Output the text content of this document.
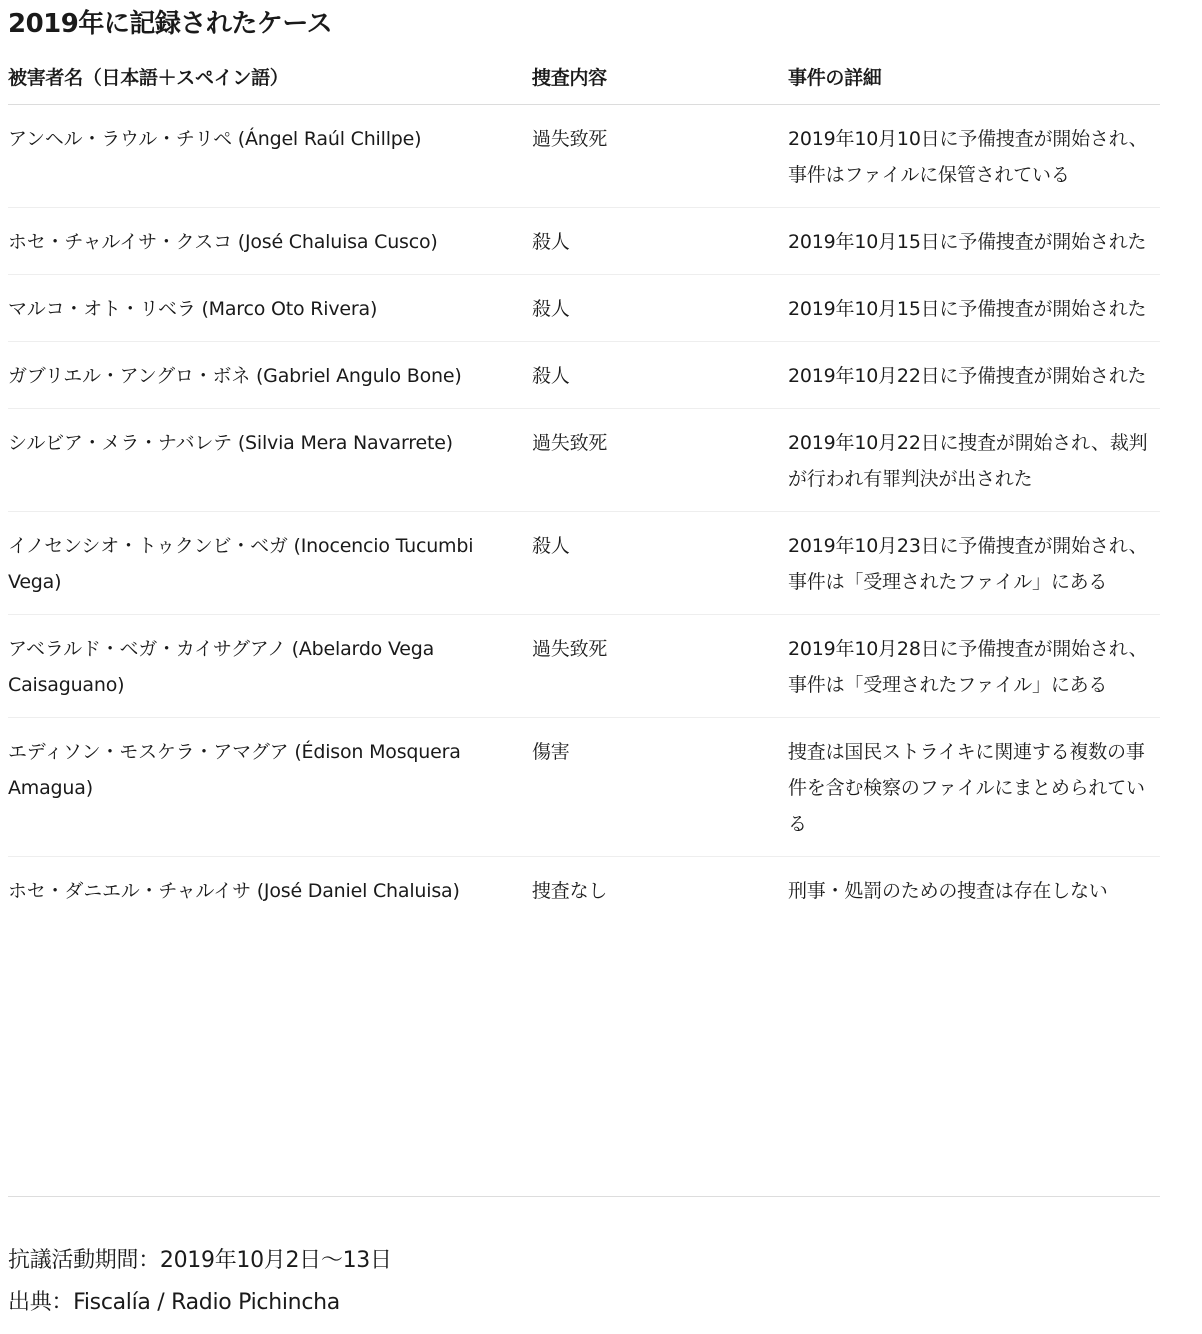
2019年に記録されたケース
被害者名（日本語＋スペイン語）	捜査内容	事件の詳細
アンヘル・ラウル・チリペ (Ángel Raúl Chillpe)	過失致死	2019年10月10日に予備捜査が開始され、事件はファイルに保管されている
ホセ・チャルイサ・クスコ (José Chaluisa Cusco)	殺人	2019年10月15日に予備捜査が開始された
マルコ・オト・リベラ (Marco Oto Rivera)	殺人	2019年10月15日に予備捜査が開始された
ガブリエル・アングロ・ボネ (Gabriel Angulo Bone)	殺人	2019年10月22日に予備捜査が開始された
シルビア・メラ・ナバレテ (Silvia Mera Navarrete)	過失致死	2019年10月22日に捜査が開始され、裁判が行われ有罪判決が出された
イノセンシオ・トゥクンビ・ベガ (Inocencio Tucumbi Vega)	殺人	2019年10月23日に予備捜査が開始され、事件は「受理されたファイル」にある
アベラルド・ベガ・カイサグアノ (Abelardo Vega Caisaguano)	過失致死	2019年10月28日に予備捜査が開始され、事件は「受理されたファイル」にある
エディソン・モスケラ・アマグア (Édison Mosquera Amagua)	傷害	捜査は国民ストライキに関連する複数の事件を含む検察のファイルにまとめられている
ホセ・ダニエル・チャルイサ (José Daniel Chaluisa)	捜査なし	刑事・処罰のための捜査は存在しない

抗議活動期間：2019年10月2日〜13日

出典：Fiscalía / Radio Pichincha
